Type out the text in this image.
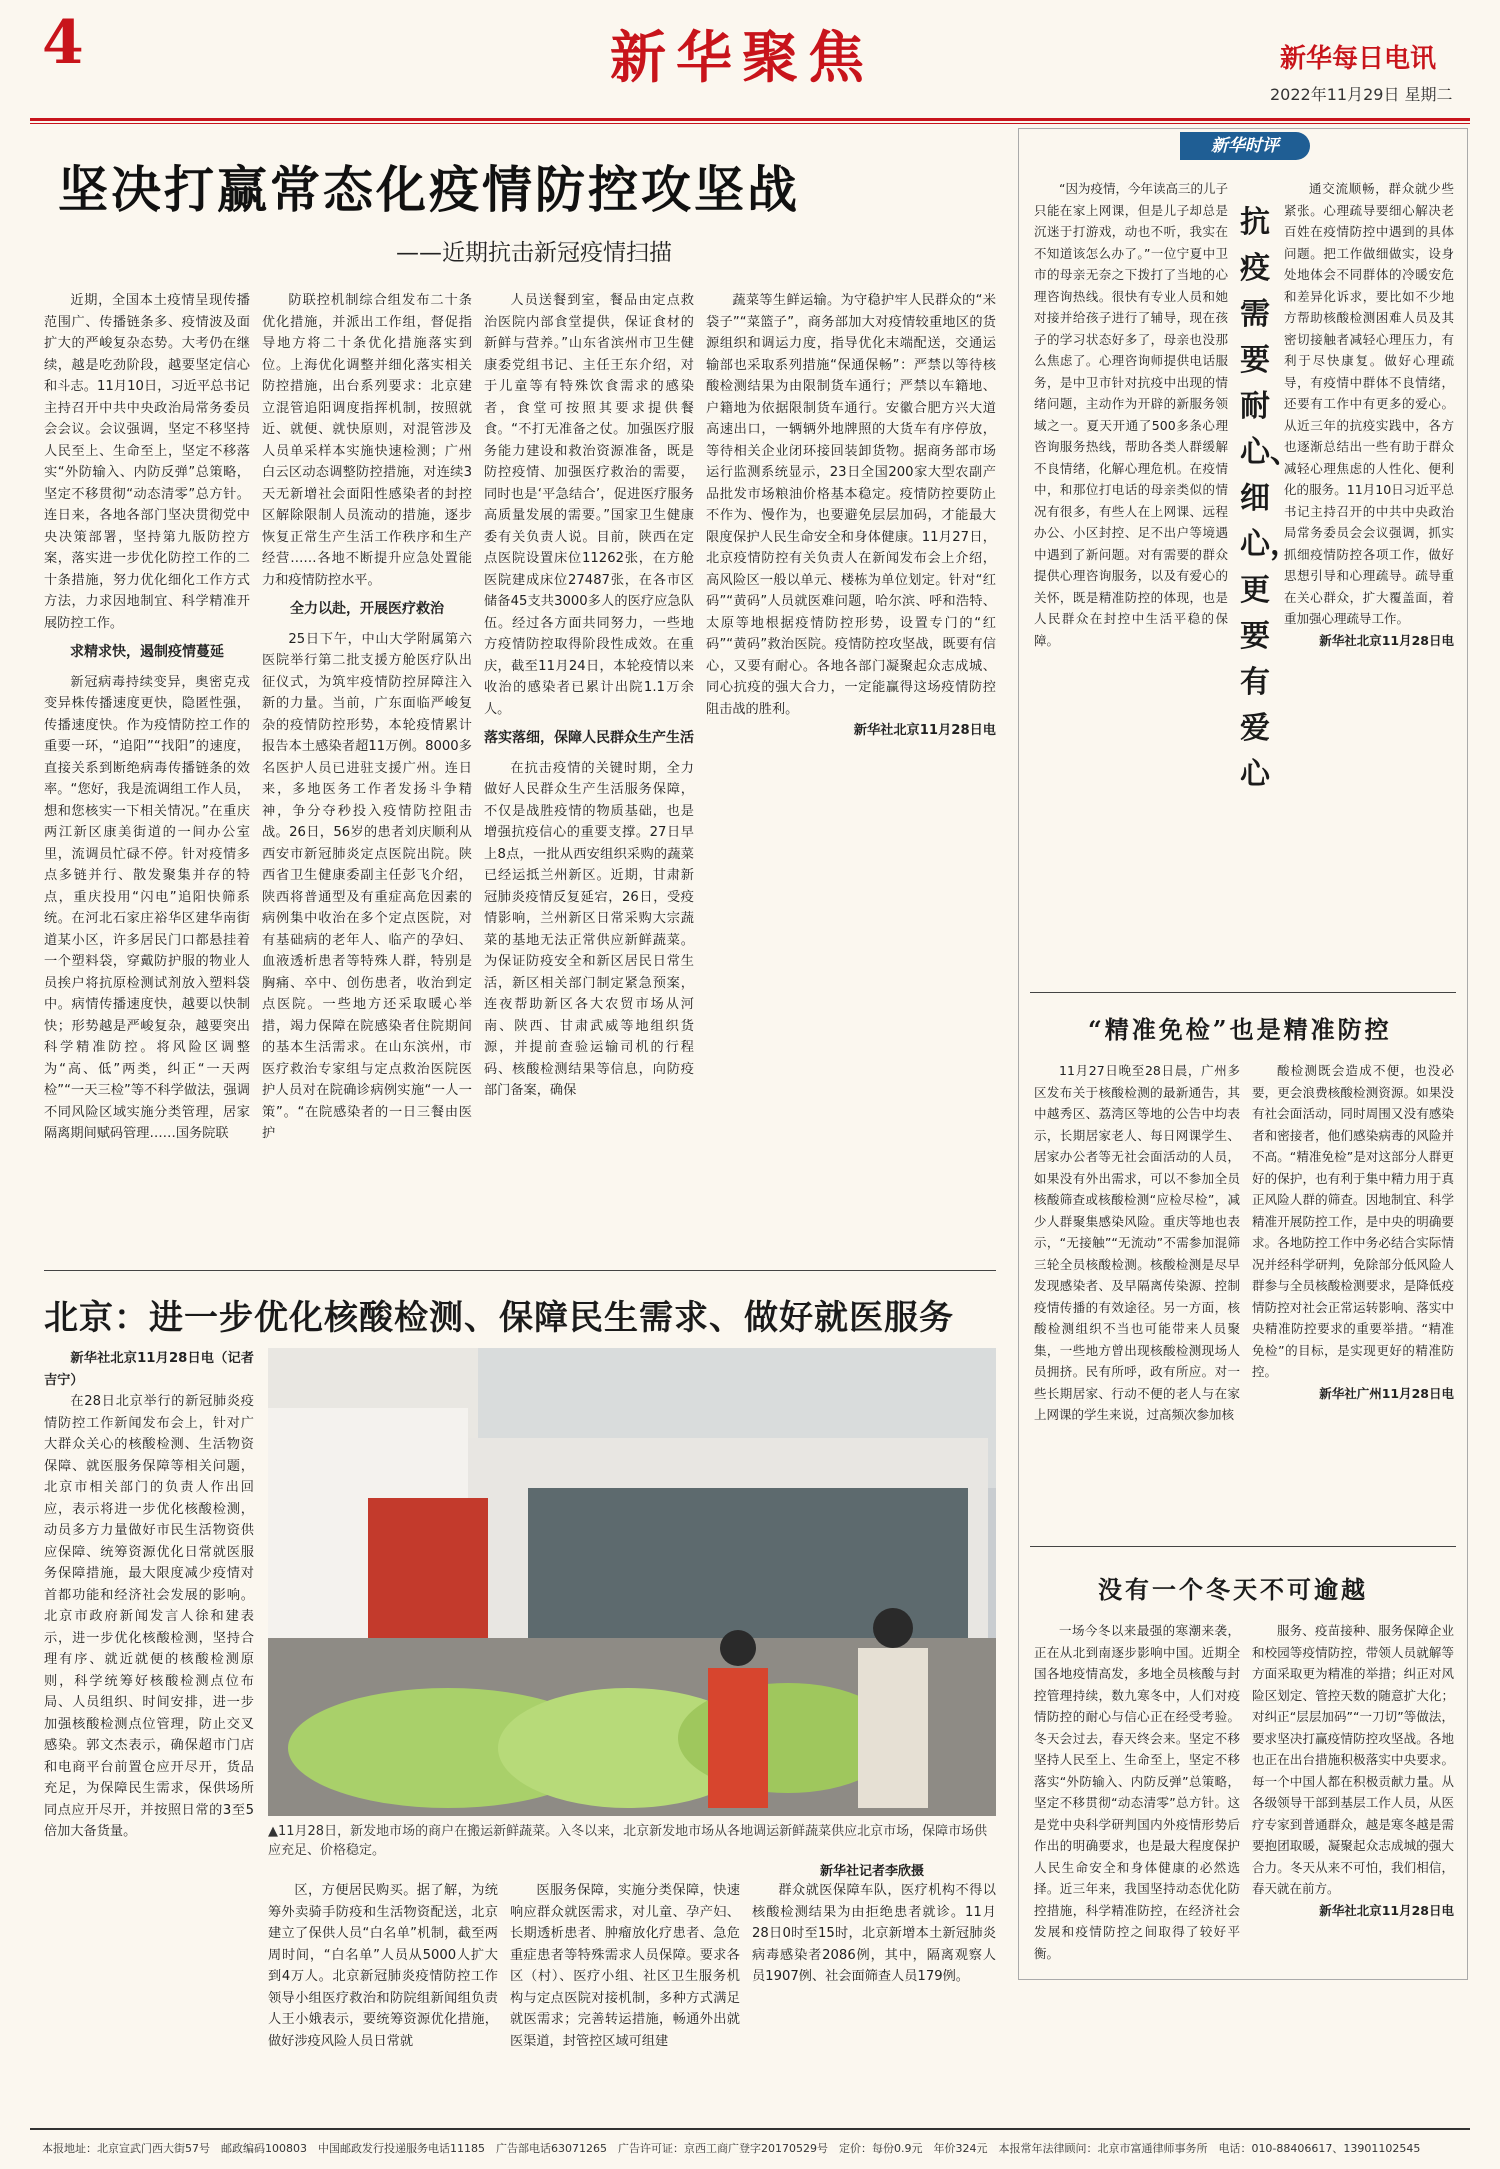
4	新华聚焦	新华每日电讯
2022年11月29日 星期二
坚决打赢常态化疫情防控攻坚战
——近期抗击新冠疫情扫描

近期，全国本土疫情呈现传播范围广、传播链条多、疫情波及面扩大的严峻复杂态势。大考仍在继续，越是吃劲阶段，越要坚定信心和斗志。11月10日，习近平总书记主持召开中共中央政治局常务委员会会议。会议强调，坚定不移坚持人民至上、生命至上，坚定不移落实“外防输入、内防反弹”总策略，坚定不移贯彻“动态清零”总方针。连日来，各地各部门坚决贯彻党中央决策部署，坚持第九版防控方案，落实进一步优化防控工作的二十条措施，努力优化细化工作方式方法，力求因地制宜、科学精准开展防控工作。

求精求快，遏制疫情蔓延

新冠病毒持续变异，奥密克戎变异株传播速度更快，隐匿性强，传播速度快。作为疫情防控工作的重要一环，“追阳”“找阳”的速度，直接关系到断绝病毒传播链条的效率。“您好，我是流调组工作人员，想和您核实一下相关情况。”在重庆两江新区康美街道的一间办公室里，流调员忙碌不停。针对疫情多点多链并行、散发聚集并存的特点，重庆投用“闪电”追阳快筛系统。在河北石家庄裕华区建华南街道某小区，许多居民门口都悬挂着一个塑料袋，穿戴防护服的物业人员挨户将抗原检测试剂放入塑料袋中。病情传播速度快，越要以快制快；形势越是严峻复杂，越要突出科学精准防控。将风险区调整为“高、低”两类，纠正“一天两检”“一天三检”等不科学做法，强调不同风险区域实施分类管理，居家隔离期间赋码管理……国务院联

防联控机制综合组发布二十条优化措施，并派出工作组，督促指导地方将二十条优化措施落实到位。上海优化调整并细化落实相关防控措施，出台系列要求：北京建立混管追阳调度指挥机制，按照就近、就便、就快原则，对混管涉及人员单采样本实施快速检测；广州白云区动态调整防控措施，对连续3天无新增社会面阳性感染者的封控区解除限制人员流动的措施，逐步恢复正常生产生活工作秩序和生产经营……各地不断提升应急处置能力和疫情防控水平。

全力以赴，开展医疗救治

25日下午，中山大学附属第六医院举行第二批支援方舱医疗队出征仪式，为筑牢疫情防控屏障注入新的力量。当前，广东面临严峻复杂的疫情防控形势，本轮疫情累计报告本土感染者超11万例。8000多名医护人员已进驻支援广州。连日来，多地医务工作者发扬斗争精神，争分夺秒投入疫情防控阻击战。26日，56岁的患者刘庆顺利从西安市新冠肺炎定点医院出院。陕西省卫生健康委副主任彭飞介绍，陕西将普通型及有重症高危因素的病例集中收治在多个定点医院，对有基础病的老年人、临产的孕妇、血液透析患者等特殊人群，特别是胸痛、卒中、创伤患者，收治到定点医院。一些地方还采取暖心举措，竭力保障在院感染者住院期间的基本生活需求。在山东滨州，市医疗救治专家组与定点救治医院医护人员对在院确诊病例实施“一人一策”。“在院感染者的一日三餐由医护

人员送餐到室，餐品由定点救治医院内部食堂提供，保证食材的新鲜与营养。”山东省滨州市卫生健康委党组书记、主任王东介绍，对于儿童等有特殊饮食需求的感染者，食堂可按照其要求提供餐食。“不打无准备之仗。加强医疗服务能力建设和救治资源准备，既是防控疫情、加强医疗救治的需要，同时也是‘平急结合’，促进医疗服务高质量发展的需要。”国家卫生健康委有关负责人说。目前，陕西在定点医院设置床位11262张，在方舱医院建成床位27487张，在各市区储备45支共3000多人的医疗应急队伍。经过各方面共同努力，一些地方疫情防控取得阶段性成效。在重庆，截至11月24日，本轮疫情以来收治的感染者已累计出院1.1万余人。

落实落细，保障人民群众生产生活

在抗击疫情的关键时期，全力做好人民群众生产生活服务保障，不仅是战胜疫情的物质基础，也是增强抗疫信心的重要支撑。27日早上8点，一批从西安组织采购的蔬菜已经运抵兰州新区。近期，甘肃新冠肺炎疫情反复延宕，26日，受疫情影响，兰州新区日常采购大宗蔬菜的基地无法正常供应新鲜蔬菜。为保证防疫安全和新区居民日常生活，新区相关部门制定紧急预案，连夜帮助新区各大农贸市场从河南、陕西、甘肃武威等地组织货源，并提前查验运输司机的行程码、核酸检测结果等信息，向防疫部门备案，确保

蔬菜等生鲜运输。为守稳护牢人民群众的“米袋子”“菜篮子”，商务部加大对疫情较重地区的货源组织和调运力度，指导优化末端配送，交通运输部也采取系列措施“保通保畅”：严禁以等待核酸检测结果为由限制货车通行；严禁以车籍地、户籍地为依据限制货车通行。安徽合肥方兴大道高速出口，一辆辆外地牌照的大货车有序停放，等待相关企业闭环接回装卸货物。据商务部市场运行监测系统显示，23日全国200家大型农副产品批发市场粮油价格基本稳定。疫情防控要防止不作为、慢作为，也要避免层层加码，才能最大限度保护人民生命安全和身体健康。11月27日，北京疫情防控有关负责人在新闻发布会上介绍，高风险区一般以单元、楼栋为单位划定。针对“红码”“黄码”人员就医难问题，哈尔滨、呼和浩特、太原等地根据疫情防控形势，设置专门的“红码”“黄码”救治医院。疫情防控攻坚战，既要有信心，又要有耐心。各地各部门凝聚起众志成城、同心抗疫的强大合力，一定能赢得这场疫情防控阻击战的胜利。

新华社北京11月28日电

北京：进一步优化核酸检测、保障民生需求、做好就医服务

新华社北京11月28日电（记者吉宁）

在28日北京举行的新冠肺炎疫情防控工作新闻发布会上，针对广大群众关心的核酸检测、生活物资保障、就医服务保障等相关问题，北京市相关部门的负责人作出回应，表示将进一步优化核酸检测，动员多方力量做好市民生活物资供应保障、统筹资源优化日常就医服务保障措施，最大限度减少疫情对首都功能和经济社会发展的影响。北京市政府新闻发言人徐和建表示，进一步优化核酸检测，坚持合理有序、就近就便的核酸检测原则，科学统筹好核酸检测点位布局、人员组织、时间安排，进一步加强核酸检测点位管理，防止交叉感染。郭文杰表示，确保超市门店和电商平台前置仓应开尽开，货品充足，为保障民生需求，保供场所同点应开尽开，并按照日常的3至5倍加大备货量。	▲11月28日，新发地市场的商户在搬运新鲜蔬菜。入冬以来，北京新发地市场从各地调运新鲜蔬菜供应北京市场，保障市场供应充足、价格稳定。
新华社记者李欣摄

区，方便居民购买。据了解，为统筹外卖骑手防疫和生活物资配送，北京建立了保供人员“白名单”机制，截至两周时间，“白名单”人员从5000人扩大到4万人。北京新冠肺炎疫情防控工作领导小组医疗救治和防院组新闻组负责人王小娥表示，要统筹资源优化措施，做好涉疫风险人员日常就

医服务保障，实施分类保障，快速响应群众就医需求，对儿童、孕产妇、长期透析患者、肿瘤放化疗患者、急危重症患者等特殊需求人员保障。要求各区（村）、医疗小组、社区卫生服务机构与定点医院对接机制，多种方式满足就医需求；完善转运措施，畅通外出就医渠道，封管控区域可组建

群众就医保障车队，医疗机构不得以核酸检测结果为由拒绝患者就诊。11月28日0时至15时，北京新增本土新冠肺炎病毒感染者2086例，其中，隔离观察人员1907例、社会面筛查人员179例。

新华时评
抗疫需要耐心、细心，更要有爱心

“因为疫情，今年读高三的儿子只能在家上网课，但是儿子却总是沉迷于打游戏，动也不听，我实在不知道该怎么办了。”一位宁夏中卫市的母亲无奈之下拨打了当地的心理咨询热线。很快有专业人员和她对接并给孩子进行了辅导，现在孩子的学习状态好多了，母亲也没那么焦虑了。心理咨询师提供电话服务，是中卫市针对抗疫中出现的情绪问题，主动作为开辟的新服务领域之一。夏天开通了500多条心理咨询服务热线，帮助各类人群缓解不良情绪，化解心理危机。在疫情中，和那位打电话的母亲类似的情况有很多，有些人在上网课、远程办公、小区封控、足不出户等境遇中遇到了新问题。对有需要的群众提供心理咨询服务，以及有爱心的关怀，既是精准防控的体现，也是人民群众在封控中生活平稳的保障。

通交流顺畅，群众就少些紧张。心理疏导要细心解决老百姓在疫情防控中遇到的具体问题。把工作做细做实，设身处地体会不同群体的冷暖安危和差异化诉求，要比如不少地方帮助核酸检测困难人员及其密切接触者减轻心理压力，有利于尽快康复。做好心理疏导，有疫情中群体不良情绪，还要有工作中有更多的爱心。从近三年的抗疫实践中，各方也逐渐总结出一些有助于群众减轻心理焦虑的人性化、便利化的服务。11月10日习近平总书记主持召开的中共中央政治局常务委员会会议强调，抓实抓细疫情防控各项工作，做好思想引导和心理疏导。疏导重在关心群众，扩大覆盖面，着重加强心理疏导工作。

新华社北京11月28日电

“精准免检”也是精准防控

11月27日晚至28日晨，广州多区发布关于核酸检测的最新通告，其中越秀区、荔湾区等地的公告中均表示，长期居家老人、每日网课学生、居家办公者等无社会面活动的人员，如果没有外出需求，可以不参加全员核酸筛查或核酸检测“应检尽检”，减少人群聚集感染风险。重庆等地也表示，“无接触”“无流动”不需参加混筛三轮全员核酸检测。核酸检测是尽早发现感染者、及早隔离传染源、控制疫情传播的有效途径。另一方面，核酸检测组织不当也可能带来人员聚集，一些地方曾出现核酸检测现场人员拥挤。民有所呼，政有所应。对一些长期居家、行动不便的老人与在家上网课的学生来说，过高频次参加核

酸检测既会造成不便，也没必要，更会浪费核酸检测资源。如果没有社会面活动，同时周围又没有感染者和密接者，他们感染病毒的风险并不高。“精准免检”是对这部分人群更好的保护，也有利于集中精力用于真正风险人群的筛查。因地制宜、科学精准开展防控工作，是中央的明确要求。各地防控工作中务必结合实际情况并经科学研判，免除部分低风险人群参与全员核酸检测要求，是降低疫情防控对社会正常运转影响、落实中央精准防控要求的重要举措。“精准免检”的目标，是实现更好的精准防控。

新华社广州11月28日电

没有一个冬天不可逾越

一场今冬以来最强的寒潮来袭，正在从北到南逐步影响中国。近期全国各地疫情高发，多地全员核酸与封控管理持续，数九寒冬中，人们对疫情防控的耐心与信心正在经受考验。冬天会过去，春天终会来。坚定不移坚持人民至上、生命至上，坚定不移落实“外防输入、内防反弹”总策略，坚定不移贯彻“动态清零”总方针。这是党中央科学研判国内外疫情形势后作出的明确要求，也是最大程度保护人民生命安全和身体健康的必然选择。近三年来，我国坚持动态优化防控措施，科学精准防控，在经济社会发展和疫情防控之间取得了较好平衡。

服务、疫苗接种、服务保障企业和校园等疫情防控，带领人员就解等方面采取更为精准的举措；纠正对风险区划定、管控天数的随意扩大化；对纠正“层层加码”“一刀切”等做法，要求坚决打赢疫情防控攻坚战。各地也正在出台措施积极落实中央要求。每一个中国人都在积极贡献力量。从各级领导干部到基层工作人员，从医疗专家到普通群众，越是寒冬越是需要抱团取暖，凝聚起众志成城的强大合力。冬天从来不可怕，我们相信，春天就在前方。

新华社北京11月28日电

本报地址：北京宣武门西大街57号　邮政编码100803　中国邮政发行投递服务电话11185　广告部电话63071265　广告许可证：京西工商广登字20170529号　定价：每份0.9元　年价324元　本报常年法律顾问：北京市富通律师事务所　电话：010-88406617、13901102545
